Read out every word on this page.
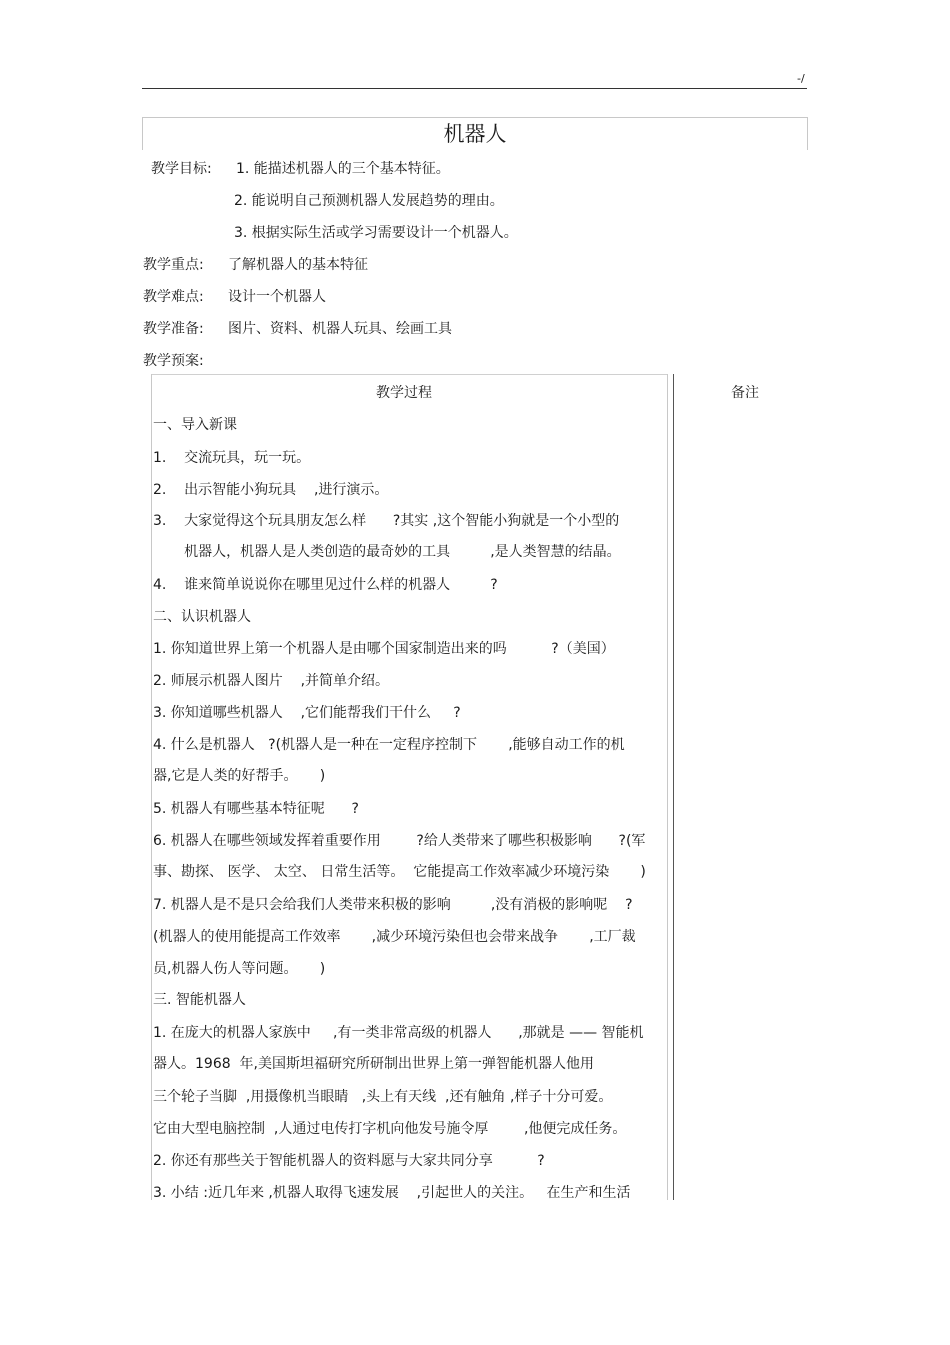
-/
机器人
教学目标: 1. 能描述机器人的三个基本特征。
2. 能说明自己预测机器人发展趋势的理由。
3. 根据实际生活或学习需要设计一个机器人。
教学重点: 了解机器人的基本特征
教学难点: 设计一个机器人
教学准备: 图片、资料、机器人玩具、绘画工具
教学预案:
教学过程	备注
一、导入新课
1.    交流玩具，玩一玩。
2.    出示智能小狗玩具    ,进行演示。
3.    大家觉得这个玩具朋友怎么样      ?其实 ,这个智能小狗就是一个小型的
机器人，机器人是人类创造的最奇妙的工具         ,是人类智慧的结晶。
4.    谁来简单说说你在哪里见过什么样的机器人         ?
二、认识机器人
1. 你知道世界上第一个机器人是由哪个国家制造出来的吗          ?（美国）
2. 师展示机器人图片    ,并简单介绍。
3. 你知道哪些机器人    ,它们能帮我们干什么     ?
4. 什么是机器人   ?(机器人是一种在一定程序控制下       ,能够自动工作的机
器,它是人类的好帮手。     )
5. 机器人有哪些基本特征呢      ?
6. 机器人在哪些领域发挥着重要作用        ?给人类带来了哪些积极影响      ?(军
事、勘探、 医学、 太空、 日常生活等。  它能提高工作效率减少环境污染       )
7. 机器人是不是只会给我们人类带来积极的影响         ,没有消极的影响呢    ?
(机器人的使用能提高工作效率       ,减少环境污染但也会带来战争       ,工厂裁
员,机器人伤人等问题。     )
三. 智能机器人
1. 在庞大的机器人家族中     ,有一类非常高级的机器人      ,那就是 —— 智能机
器人。1968  年,美国斯坦福研究所研制出世界上第一弹智能机器人他用
三个轮子当脚  ,用摄像机当眼睛   ,头上有天线  ,还有触角 ,样子十分可爱。
它由大型电脑控制  ,人通过电传打字机向他发号施令厚        ,他便完成任务。
2. 你还有那些关于智能机器人的资料愿与大家共同分享          ?
3. 小结 :近几年来 ,机器人取得飞速发展    ,引起世人的关注。   在生产和生活
